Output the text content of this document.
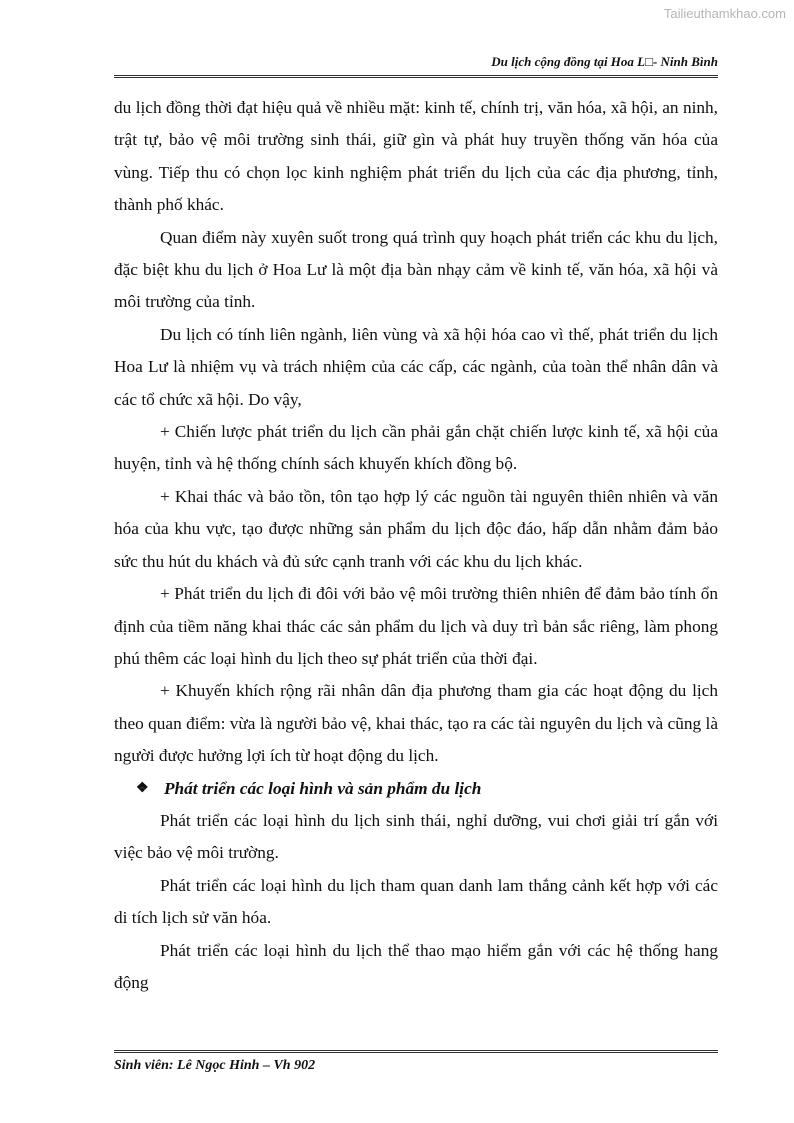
Tailieuthamkhao.com
Du lịch cộng đồng tại Hoa L□- Ninh Bình

du lịch đồng thời đạt hiệu quả về nhiều mặt: kinh tế, chính trị, văn hóa, xã hội, an ninh, trật tự, bảo vệ môi trường sinh thái, giữ gìn và phát huy truyền thống văn hóa của vùng. Tiếp thu có chọn lọc kinh nghiệm phát triển du lịch của các địa phương, tỉnh, thành phố khác.

Quan điểm này xuyên suốt trong quá trình quy hoạch phát triển các khu du lịch, đặc biệt khu du lịch ở Hoa Lư là một địa bàn nhạy cảm về kinh tế, văn hóa, xã hội và môi trường của tỉnh.

Du lịch có tính liên ngành, liên vùng và xã hội hóa cao vì thế, phát triển du lịch Hoa Lư là nhiệm vụ và trách nhiệm của các cấp, các ngành, của toàn thể nhân dân và các tổ chức xã hội. Do vậy,

+ Chiến lược phát triển du lịch cần phải gắn chặt chiến lược kinh tế, xã hội của huyện, tỉnh và hệ thống chính sách khuyến khích đồng bộ.

+ Khai thác và bảo tồn, tôn tạo hợp lý các nguồn tài nguyên thiên nhiên và văn hóa của khu vực, tạo được những sản phẩm du lịch độc đáo, hấp dẫn nhằm đảm bảo sức thu hút du khách và đủ sức cạnh tranh với các khu du lịch khác.

+ Phát triển du lịch đi đôi với bảo vệ môi trường thiên nhiên để đảm bảo tính ổn định của tiềm năng khai thác các sản phẩm du lịch và duy trì bản sắc riêng, làm phong phú thêm các loại hình du lịch theo sự phát triển của thời đại.

+ Khuyến khích rộng rãi nhân dân địa phương tham gia các hoạt động du lịch theo quan điểm: vừa là người bảo vệ, khai thác, tạo ra các tài nguyên du lịch và cũng là người được hưởng lợi ích từ hoạt động du lịch.

❖ Phát triển các loại hình và sản phẩm du lịch

Phát triển các loại hình du lịch sinh thái, nghỉ dưỡng, vui chơi giải trí gắn với việc bảo vệ môi trường.

Phát triển các loại hình du lịch tham quan danh lam thắng cảnh kết hợp với các di tích lịch sử văn hóa.

Phát triển các loại hình du lịch thể thao mạo hiểm gắn với các hệ thống hang động

Sinh viên: Lê Ngọc Hinh – Vh 902
